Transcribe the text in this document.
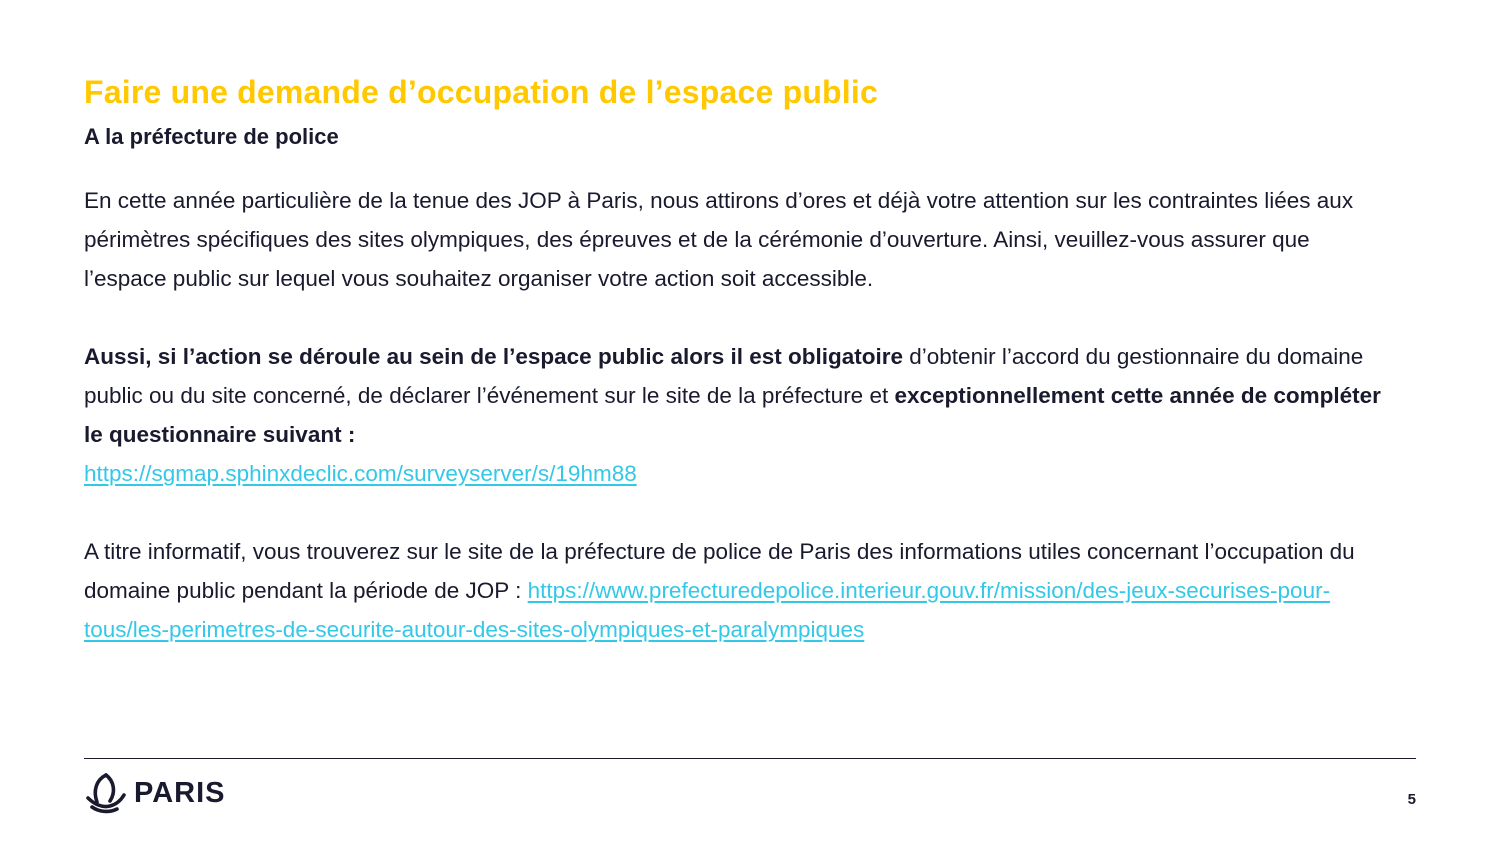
Faire une demande d’occupation de l’espace public
A la préfecture de police

En cette année particulière de la tenue des JOP à Paris, nous attirons d’ores et déjà votre attention sur les contraintes liées aux périmètres spécifiques des sites olympiques, des épreuves et de la cérémonie d’ouverture. Ainsi, veuillez-vous assurer que l’espace public sur lequel vous souhaitez organiser votre action soit accessible.

Aussi, si l’action se déroule au sein de l’espace public alors il est obligatoire d’obtenir l’accord du gestionnaire du domaine public ou du site concerné, de déclarer l’événement sur le site de la préfecture et exceptionnellement cette année de compléter le questionnaire suivant :
https://sgmap.sphinxdeclic.com/surveyserver/s/19hm88

A titre informatif, vous trouverez sur le site de la préfecture de police de Paris des informations utiles concernant l’occupation du domaine public pendant la période de JOP : https://www.prefecturedepolice.interieur.gouv.fr/mission/des-jeux-securises-pour-tous/les-perimetres-de-securite-autour-des-sites-olympiques-et-paralympiques

PARIS	5
